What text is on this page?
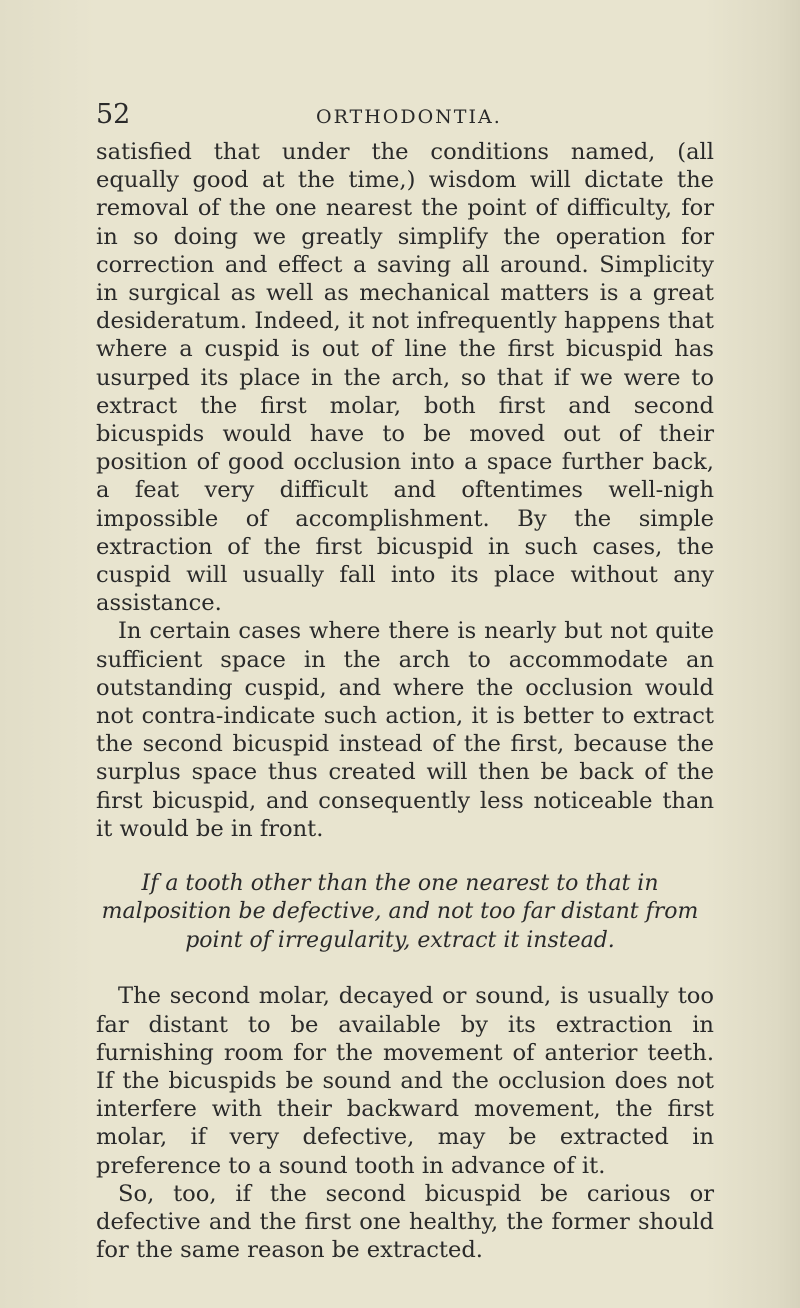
52	ORTHODONTIA.

satisfied that under the conditions named, (all equally good at the time,) wisdom will dictate the removal of the one nearest the point of difficulty, for in so doing we greatly simplify the operation for correction and effect a saving all around. Simplicity in surgical as well as mechanical matters is a great desideratum. Indeed, it not infrequently happens that where a cuspid is out of line the first bicuspid has usurped its place in the arch, so that if we were to extract the first molar, both first and second bicuspids would have to be moved out of their position of good occlusion into a space further back, a feat very difficult and oftentimes well-nigh impossible of accomplishment. By the simple extraction of the first bicuspid in such cases, the cuspid will usually fall into its place without any assistance.

In certain cases where there is nearly but not quite sufficient space in the arch to accommodate an outstanding cuspid, and where the occlusion would not contra-indicate such action, it is better to extract the second bicuspid instead of the first, because the surplus space thus created will then be back of the first bicuspid, and consequently less noticeable than it would be in front.

If a tooth other than the one nearest to that in malposition be defective, and not too far distant from point of irregularity, extract it instead.

The second molar, decayed or sound, is usually too far distant to be available by its extraction in furnishing room for the movement of anterior teeth. If the bicuspids be sound and the occlusion does not interfere with their backward movement, the first molar, if very defective, may be extracted in preference to a sound tooth in advance of it.

So, too, if the second bicuspid be carious or defective and the first one healthy, the former should for the same reason be extracted.
